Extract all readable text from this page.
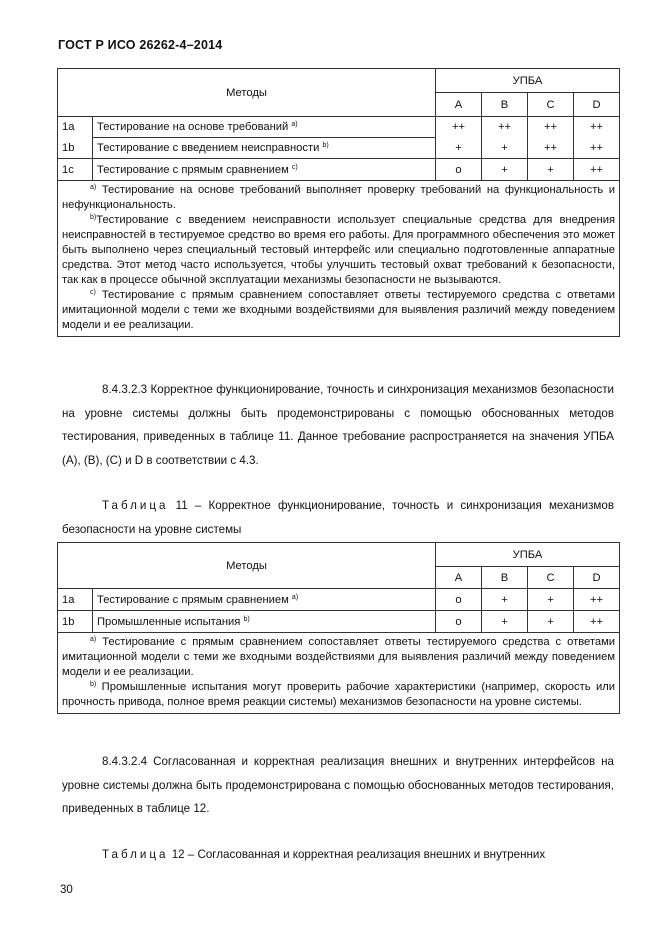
ГОСТ Р ИСО 26262-4–2014
Методы		УПБА			
		A	B	C	D
1a	Тестирование на основе требований $^{a)}$	++	++	++	++
1b	Тестирование с введением неисправности $^{b)}$	+	+	++	++
1c	Тестирование с прямым сравнением $^{c)}$	o	+	+	++

$^{a)}$ Тестирование на основе требований выполняет проверку требований на функциональность и нефункциональность.

$^{b)}$Тестирование с введением неисправности использует специальные средства для внедрения неисправностей в тестируемое средство во время его работы. Для программного обеспечения это может быть выполнено через специальный тестовый интерфейс или специально подготовленные аппаратные средства. Этот метод часто используется, чтобы улучшить тестовый охват требований к безопасности, так как в процессе обычной эксплуатации механизмы безопасности не вызываются.

$^{c)}$ Тестирование с прямым сравнением сопоставляет ответы тестируемого средства с ответами имитационной модели с теми же входными воздействиями для выявления различий между поведением модели и ее реализации.					

8.4.3.2.3 Корректное функционирование, точность и синхронизация механизмов безопасности на уровне системы должны быть продемонстрированы с помощью обоснованных методов тестирования, приведенных в таблице 11. Данное требование распространяется на значения УПБА (A), (B), (C) и D в соответствии с 4.3.

Таблица 11 – Корректное функционирование, точность и синхронизация механизмов безопасности на уровне системы

Методы		УПБА			
		A	B	C	D
1a	Тестирование с прямым сравнением $^{a)}$	o	+	+	++
1b	Промышленные испытания $^{b)}$	o	+	+	++

$^{a)}$ Тестирование с прямым сравнением сопоставляет ответы тестируемого средства с ответами имитационной модели с теми же входными воздействиями для выявления различий между поведением модели и ее реализации.

$^{b)}$ Промышленные испытания могут проверить рабочие характеристики (например, скорость или прочность привода, полное время реакции системы) механизмов безопасности на уровне системы.					

8.4.3.2.4 Согласованная и корректная реализация внешних и внутренних интерфейсов на уровне системы должна быть продемонстрирована с помощью обоснованных методов тестирования, приведенных в таблице 12.

Таблица 12 – Согласованная и корректная реализация внешних и внутренних

30
